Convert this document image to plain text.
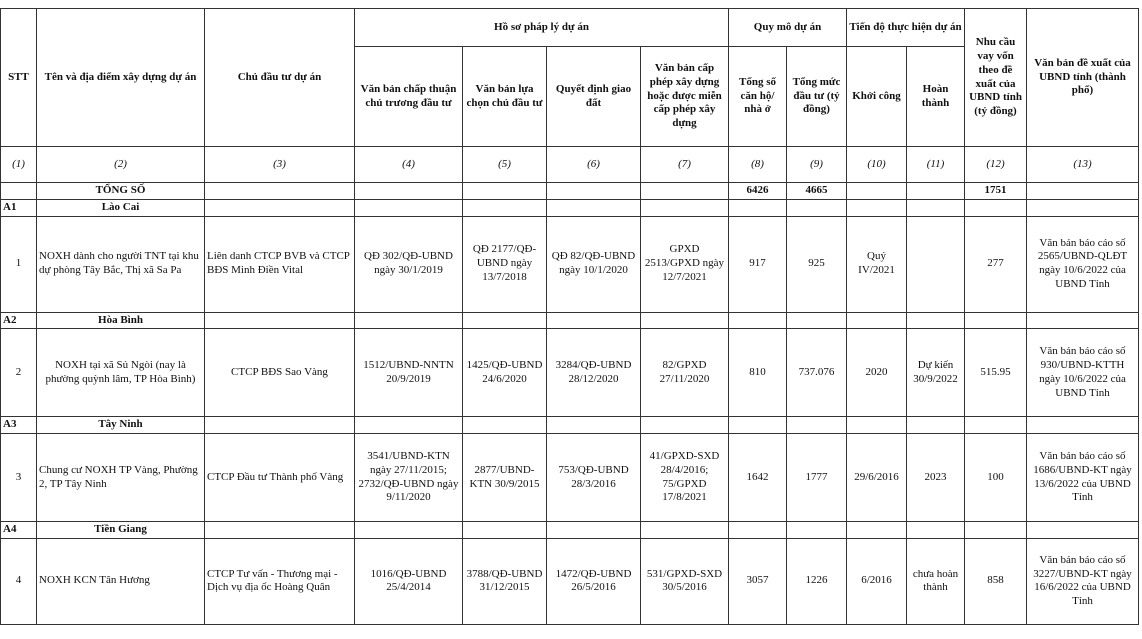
STT	Tên và địa điểm xây dựng dự án	Chủ đầu tư dự án	Hồ sơ pháp lý dự án				Quy mô dự án		Tiến độ thực hiện dự án		Nhu cầu vay vốn theo đề xuất của UBND tỉnh (tỷ đồng)	Văn bản đề xuất của UBND tỉnh (thành phố)
			Văn bản chấp thuận chủ trương đầu tư	Văn bản lựa chọn chủ đầu tư	Quyết định giao đất	Văn bản cấp phép xây dựng hoặc được miễn cấp phép xây dựng	Tổng số căn hộ/ nhà ở	Tổng mức đầu tư (tỷ đồng)	Khởi công	Hoàn thành		
(1)	(2)	(3)	(4)	(5)	(6)	(7)	(8)	(9)	(10)	(11)	(12)	(13)
	TỔNG SỐ						6426	4665			1751	
A1	Lào Cai											
1	NOXH dành cho người TNT tại khu dự phòng Tây Bắc, Thị xã Sa Pa	Liên danh CTCP BVB và CTCP BĐS Minh Điền Vital	QĐ 302/QĐ-UBND ngày 30/1/2019	QĐ 2177/QĐ-UBND ngày 13/7/2018	QĐ 82/QĐ-UBND ngày 10/1/2020	GPXD 2513/GPXD ngày 12/7/2021	917	925	Quý IV/2021		277	Văn bản báo cáo số 2565/UBND-QLĐT ngày 10/6/2022 của UBND Tỉnh
A2	Hòa Bình											
2	NOXH tại xã Sủ Ngòi (nay là phường quỳnh lâm, TP Hòa Bình)	CTCP BĐS Sao Vàng	1512/UBND-NNTN 20/9/2019	1425/QĐ-UBND 24/6/2020	3284/QĐ-UBND 28/12/2020	82/GPXD 27/11/2020	810	737.076	2020	Dự kiến 30/9/2022	515.95	Văn bản báo cáo số 930/UBND-KTTH ngày 10/6/2022 của UBND Tỉnh
A3	Tây Ninh											
3	Chung cư NOXH TP Vàng, Phường 2, TP Tây Ninh	CTCP Đầu tư Thành phố Vàng	3541/UBND-KTN ngày 27/11/2015; 2732/QĐ-UBND ngày 9/11/2020	2877/UBND-KTN 30/9/2015	753/QĐ-UBND 28/3/2016	41/GPXD-SXD 28/4/2016; 75/GPXD 17/8/2021	1642	1777	29/6/2016	2023	100	Văn bản báo cáo số 1686/UBND-KT ngày 13/6/2022 của UBND Tỉnh
A4	Tiền Giang											
4	NOXH KCN Tân Hương	CTCP Tư vấn - Thương mại - Dịch vụ địa ốc Hoàng Quân	1016/QĐ-UBND 25/4/2014	3788/QĐ-UBND 31/12/2015	1472/QĐ-UBND 26/5/2016	531/GPXD-SXD 30/5/2016	3057	1226	6/2016	chưa hoàn thành	858	Văn bản báo cáo số 3227/UBND-KT ngày 16/6/2022 của UBND Tỉnh
